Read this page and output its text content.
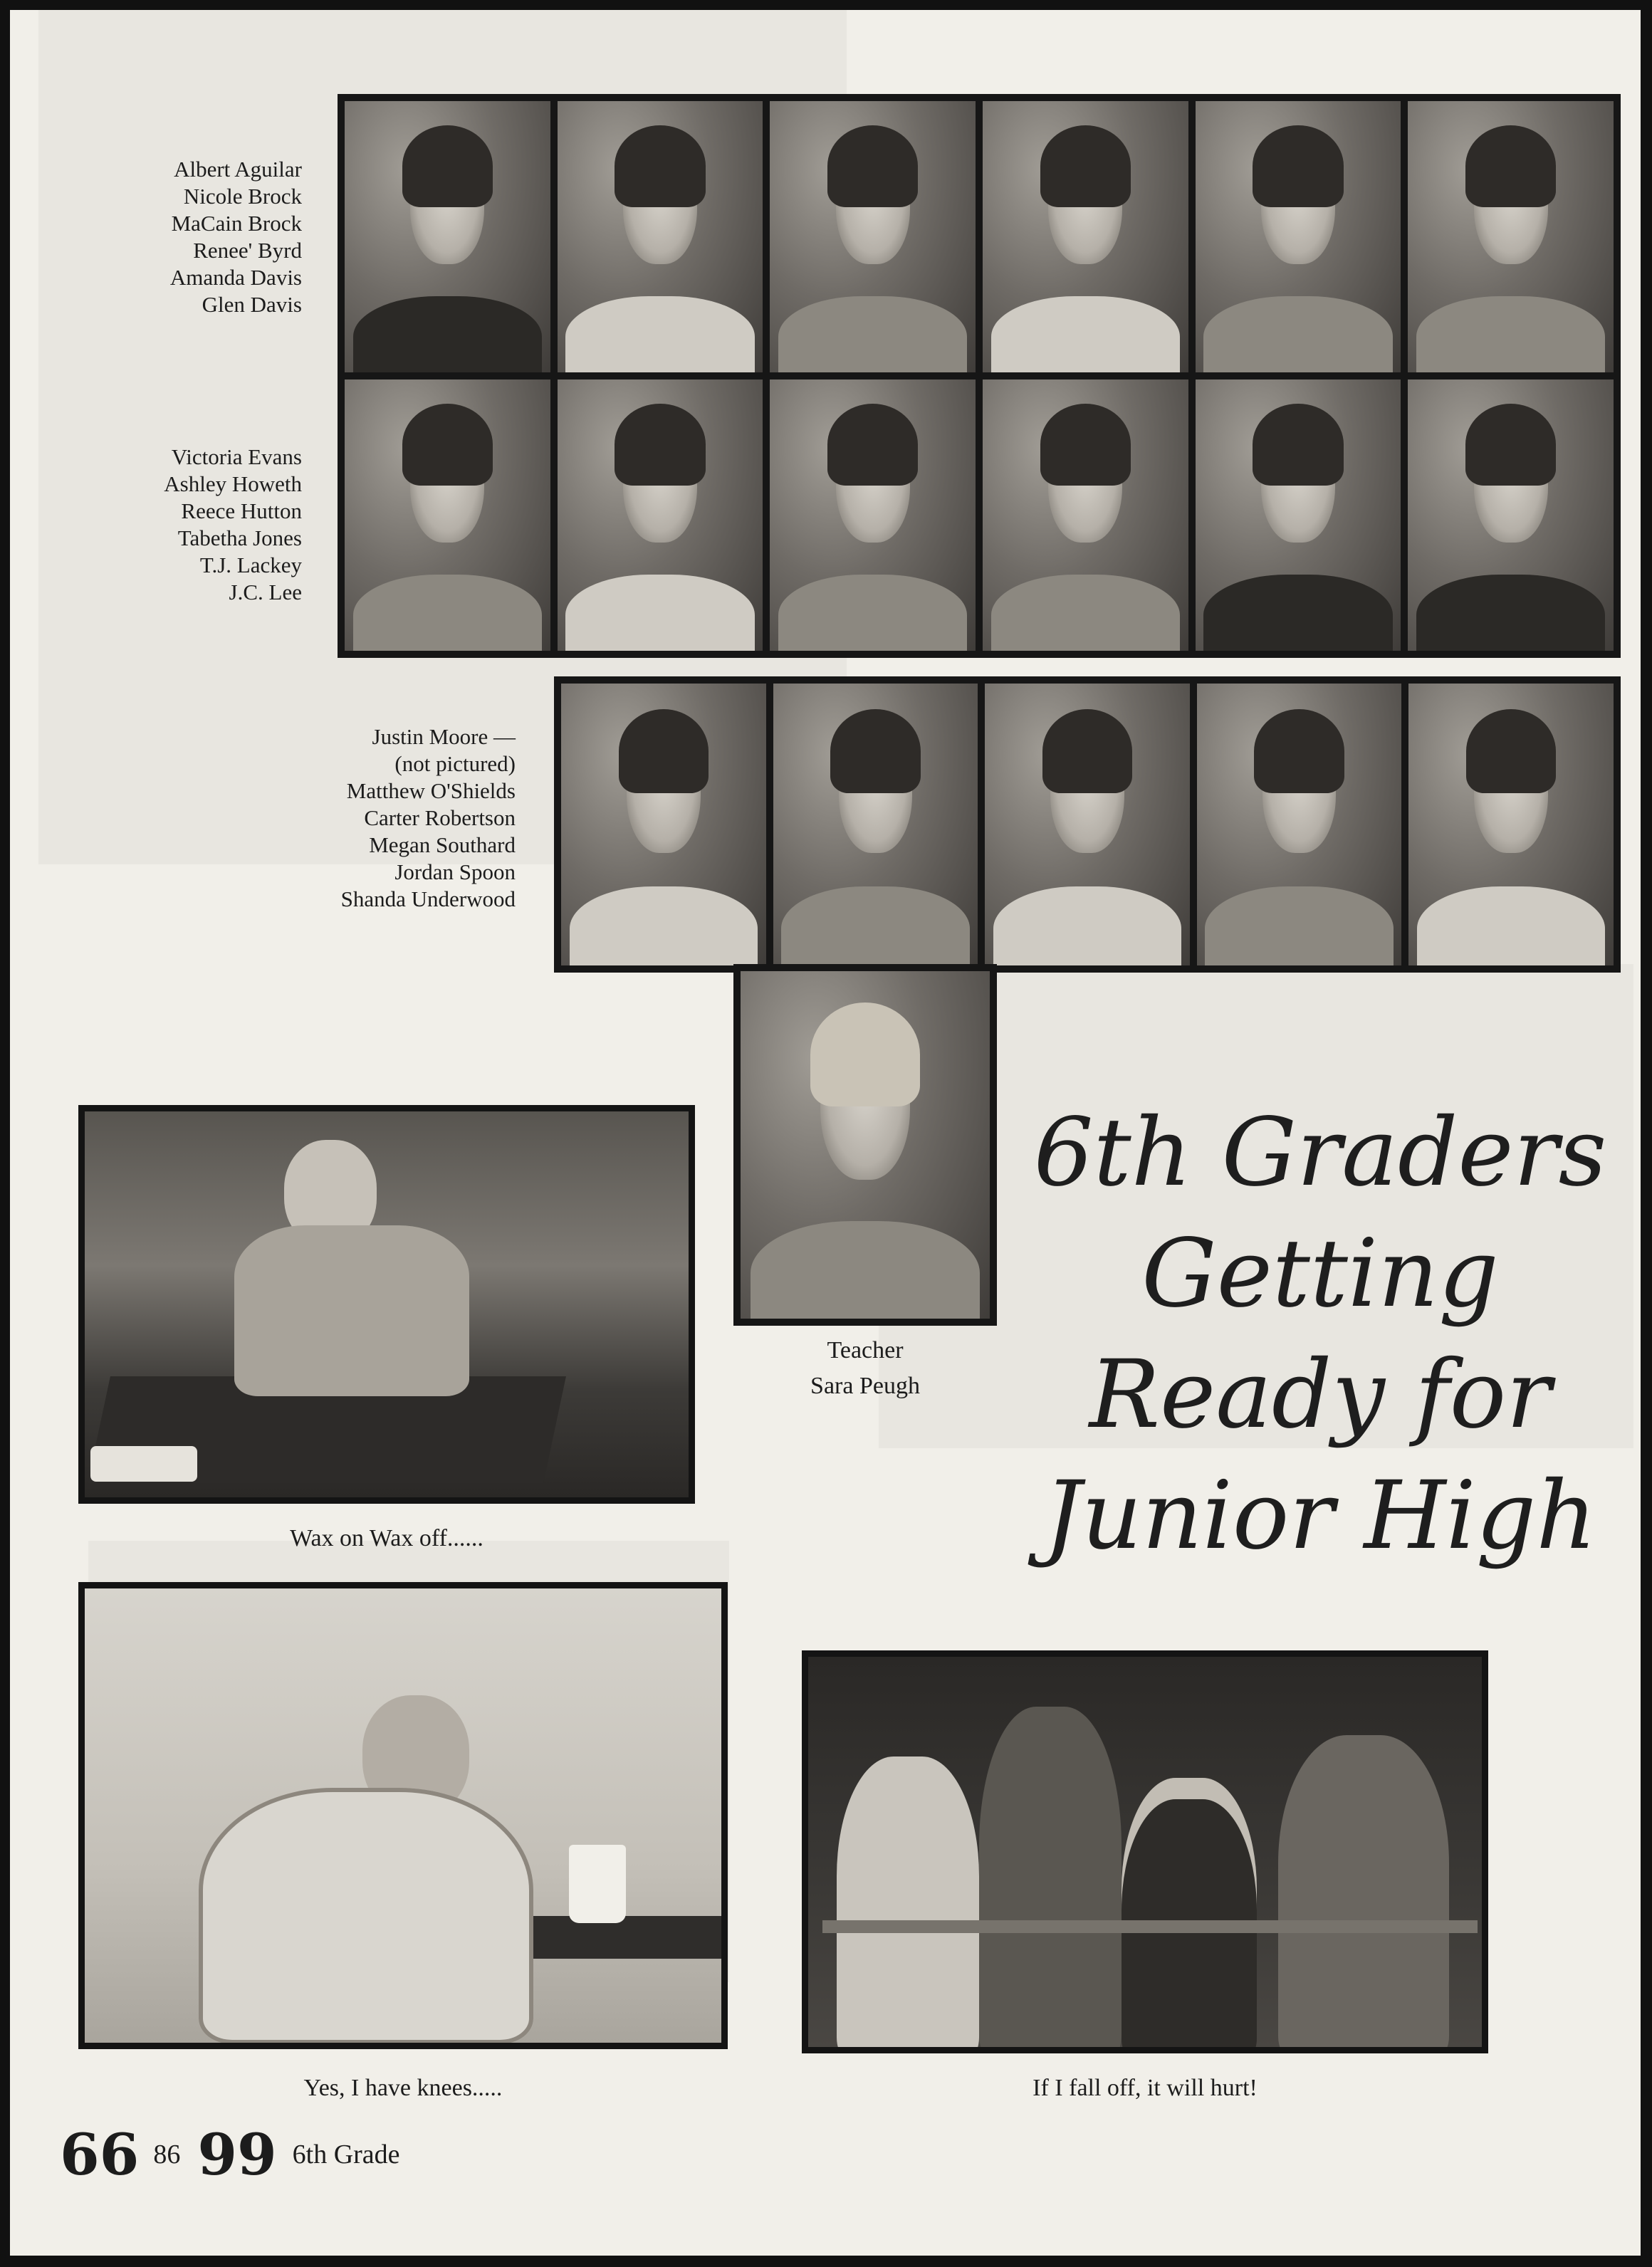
Albert Aguilar
Nicole Brock
MaCain Brock
Renee' Byrd
Amanda Davis
Glen Davis
Victoria Evans
Ashley Howeth
Reece Hutton
Tabetha Jones
T.J. Lackey
J.C. Lee
Justin Moore —
(not pictured)
Matthew O'Shields
Carter Robertson
Megan Southard
Jordan Spoon
Shanda Underwood
Teacher
Sara Peugh
Wax on Wax off......
6th Graders
Getting
Ready for
Junior High
Yes, I have knees.....	If I fall off, it will hurt!
66 86 99 6th Grade
